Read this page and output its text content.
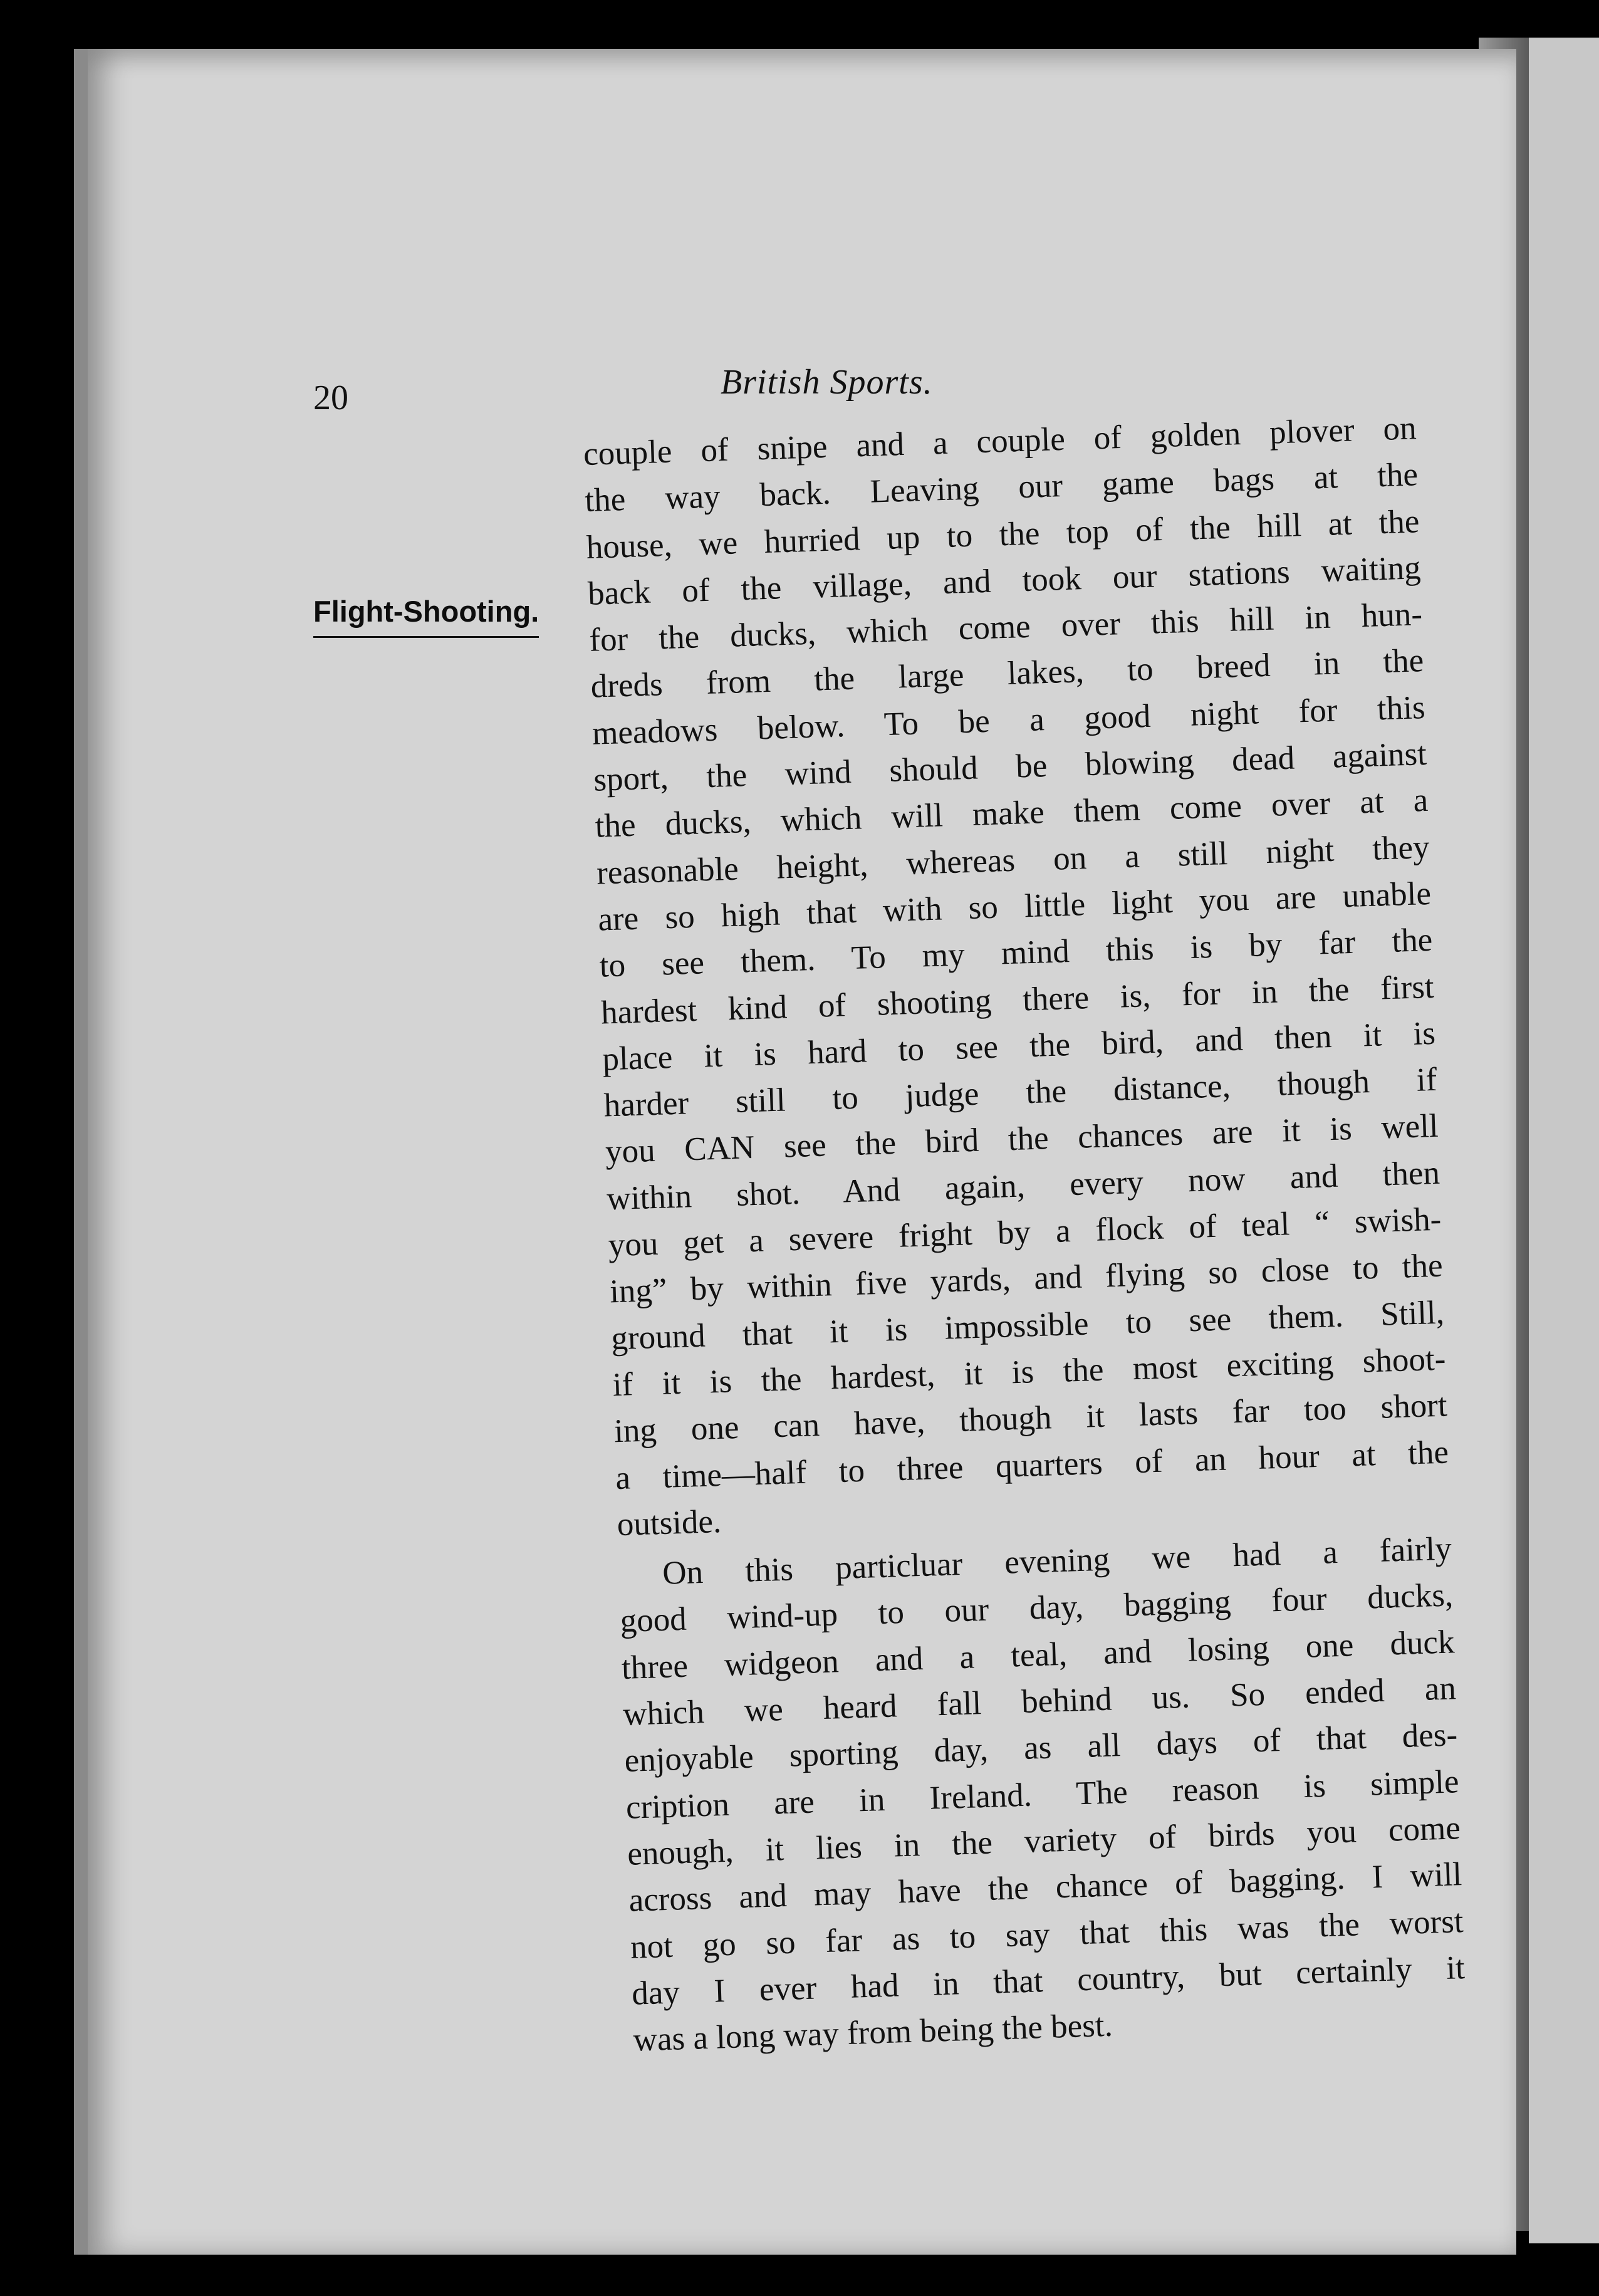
20	British Sports.
Flight-Shooting.
couple of snipe and a couple of golden plover on
the way back. Leaving our game bags at the
house, we hurried up to the top of the hill at the
back of the village, and took our stations waiting
for the ducks, which come over this hill in hun-
dreds from the large lakes, to breed in the
meadows below. To be a good night for this
sport, the wind should be blowing dead against
the ducks, which will make them come over at a
reasonable height, whereas on a still night they
are so high that with so little light you are unable
to see them. To my mind this is by far the
hardest kind of shooting there is, for in the first
place it is hard to see the bird, and then it is
harder still to judge the distance, though if
you CAN see the bird the chances are it is well
within shot. And again, every now and then
you get a severe fright by a flock of teal “ swish-
ing” by within five yards, and flying so close to the
ground that it is impossible to see them. Still,
if it is the hardest, it is the most exciting shoot-
ing one can have, though it lasts far too short
a time—half to three quarters of an hour at the
outside.
On this particluar evening we had a fairly
good wind-up to our day, bagging four ducks,
three widgeon and a teal, and losing one duck
which we heard fall behind us. So ended an
enjoyable sporting day, as all days of that des-
cription are in Ireland. The reason is simple
enough, it lies in the variety of birds you come
across and may have the chance of bagging. I will
not go so far as to say that this was the worst
day I ever had in that country, but certainly it
was a long way from being the best.
